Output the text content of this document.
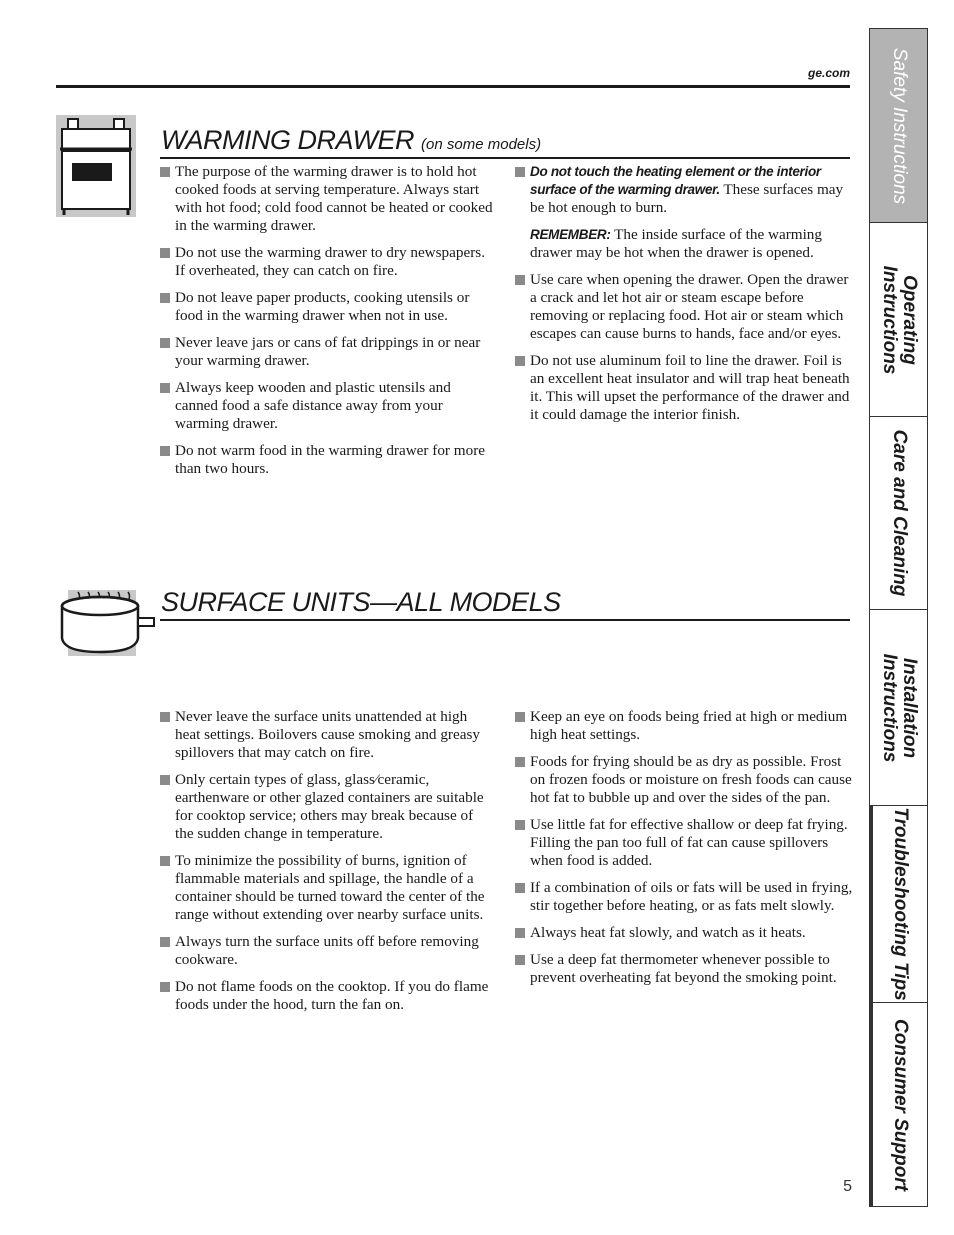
ge.com
WARMING DRAWER (on some models)
The purpose of the warming drawer is to hold hot cooked foods at serving temperature. Always start with hot food; cold food cannot be heated or cooked in the warming drawer.
Do not use the warming drawer to dry newspapers. If overheated, they can catch on fire.
Do not leave paper products, cooking utensils or food in the warming drawer when not in use.
Never leave jars or cans of fat drippings in or near your warming drawer.
Always keep wooden and plastic utensils and canned food a safe distance away from your warming drawer.
Do not warm food in the warming drawer for more than two hours.
Do not touch the heating element or the interior surface of the warming drawer. These surfaces may be hot enough to burn.
REMEMBER: The inside surface of the warming drawer may be hot when the drawer is opened.
Use care when opening the drawer. Open the drawer a crack and let hot air or steam escape before removing or replacing food. Hot air or steam which escapes can cause burns to hands, face and/or eyes.
Do not use aluminum foil to line the drawer. Foil is an excellent heat insulator and will trap heat beneath it. This will upset the performance of the drawer and it could damage the interior finish.
SURFACE UNITS—ALL MODELS
Never leave the surface units unattended at high heat settings. Boilovers cause smoking and greasy spillovers that may catch on fire.
Only certain types of glass, glass⁄ceramic, earthenware or other glazed containers are suitable for cooktop service; others may break because of the sudden change in temperature.
To minimize the possibility of burns, ignition of flammable materials and spillage, the handle of a container should be turned toward the center of the range without extending over nearby surface units.
Always turn the surface units off before removing cookware.
Do not flame foods on the cooktop. If you do flame foods under the hood, turn the fan on.
Keep an eye on foods being fried at high or medium high heat settings.
Foods for frying should be as dry as possible. Frost on frozen foods or moisture on fresh foods can cause hot fat to bubble up and over the sides of the pan.
Use little fat for effective shallow or deep fat frying. Filling the pan too full of fat can cause spillovers when food is added.
If a combination of oils or fats will be used in frying, stir together before heating, or as fats melt slowly.
Always heat fat slowly, and watch as it heats.
Use a deep fat thermometer whenever possible to prevent overheating fat beyond the smoking point.
5
Safety Instructions
Operating
Instructions
Care and Cleaning
Installation
Instructions
Troubleshooting Tips
Consumer Support
